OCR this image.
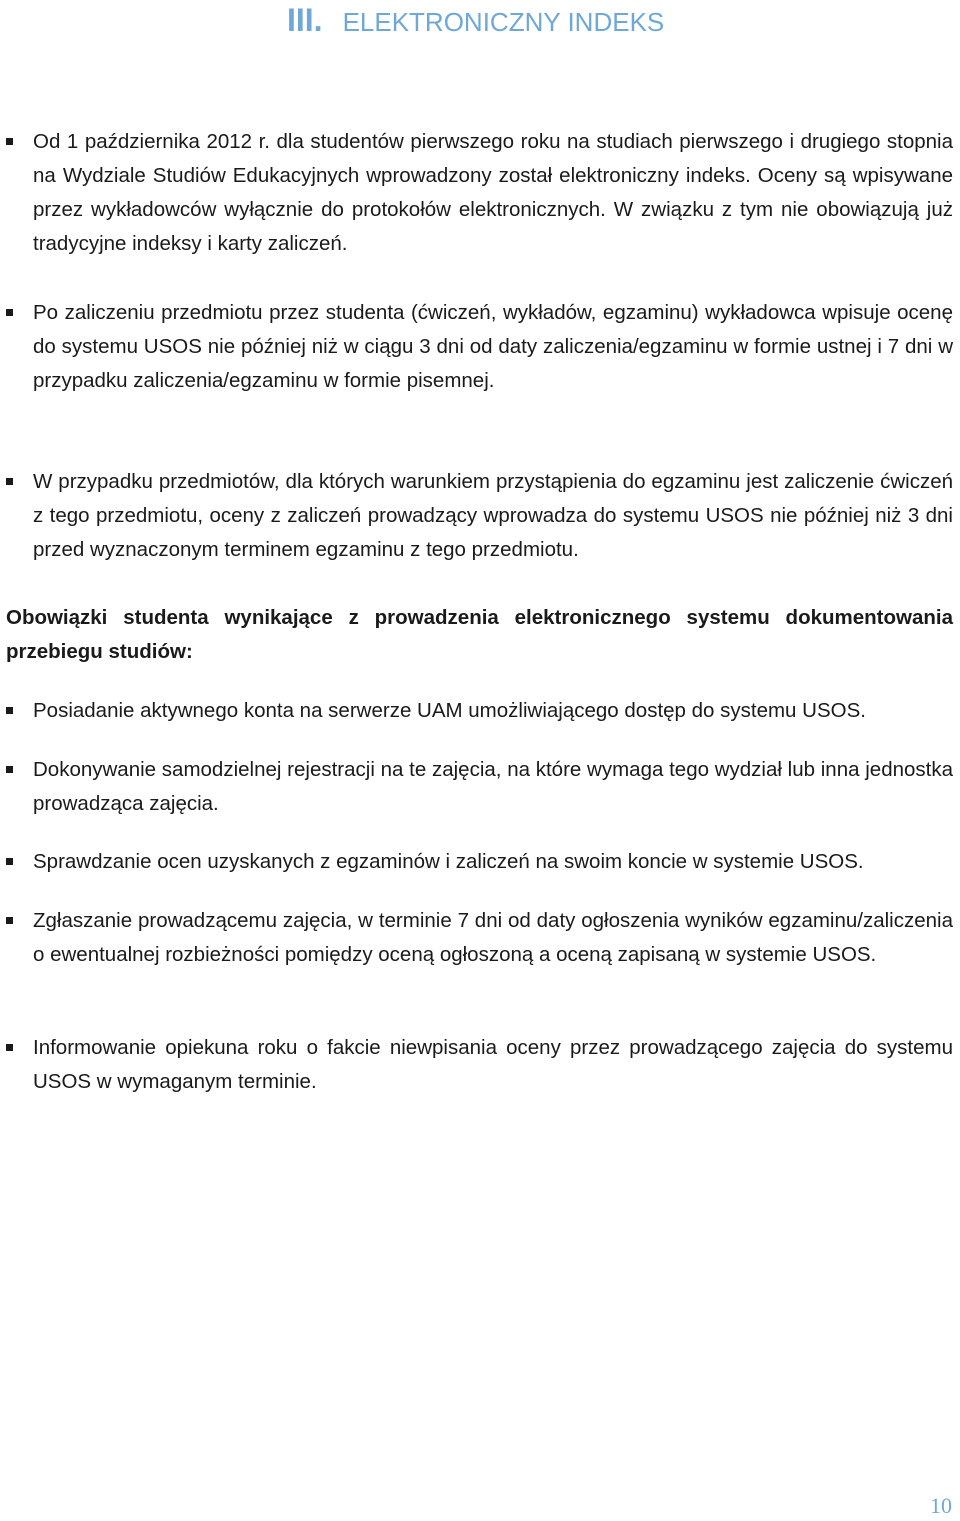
III. ELEKTRONICZNY INDEKS
Od 1 października 2012 r. dla studentów pierwszego roku na studiach pierwszego i drugiego stopnia na Wydziale Studiów Edukacyjnych wprowadzony został elektroniczny indeks. Oceny są wpisywane przez wykładowców wyłącznie do protokołów elektronicznych. W związku z tym nie obowiązują już tradycyjne indeksy i karty zaliczeń.
Po zaliczeniu przedmiotu przez studenta (ćwiczeń, wykładów, egzaminu) wykładowca wpisuje ocenę do systemu USOS nie później niż w ciągu 3 dni od daty zaliczenia/egzaminu w formie ustnej i 7 dni w przypadku zaliczenia/egzaminu w formie pisemnej.
W przypadku przedmiotów, dla których warunkiem przystąpienia do egzaminu jest zaliczenie ćwiczeń z tego przedmiotu, oceny z zaliczeń prowadzący wprowadza do systemu USOS nie później niż 3 dni przed wyznaczonym terminem egzaminu z tego przedmiotu.
Obowiązki studenta wynikające z prowadzenia elektronicznego systemu dokumentowania przebiegu studiów:
Posiadanie aktywnego konta na serwerze UAM umożliwiającego dostęp do systemu USOS.
Dokonywanie samodzielnej rejestracji na te zajęcia, na które wymaga tego wydział lub inna jednostka prowadząca zajęcia.
Sprawdzanie ocen uzyskanych z egzaminów i zaliczeń na swoim koncie w systemie USOS.
Zgłaszanie prowadzącemu zajęcia, w terminie 7 dni od daty ogłoszenia wyników egzaminu/zaliczenia o ewentualnej rozbieżności pomiędzy oceną ogłoszoną a oceną zapisaną w systemie USOS.
Informowanie opiekuna roku o fakcie niewpisania oceny przez prowadzącego zajęcia do systemu USOS w wymaganym terminie.
10
